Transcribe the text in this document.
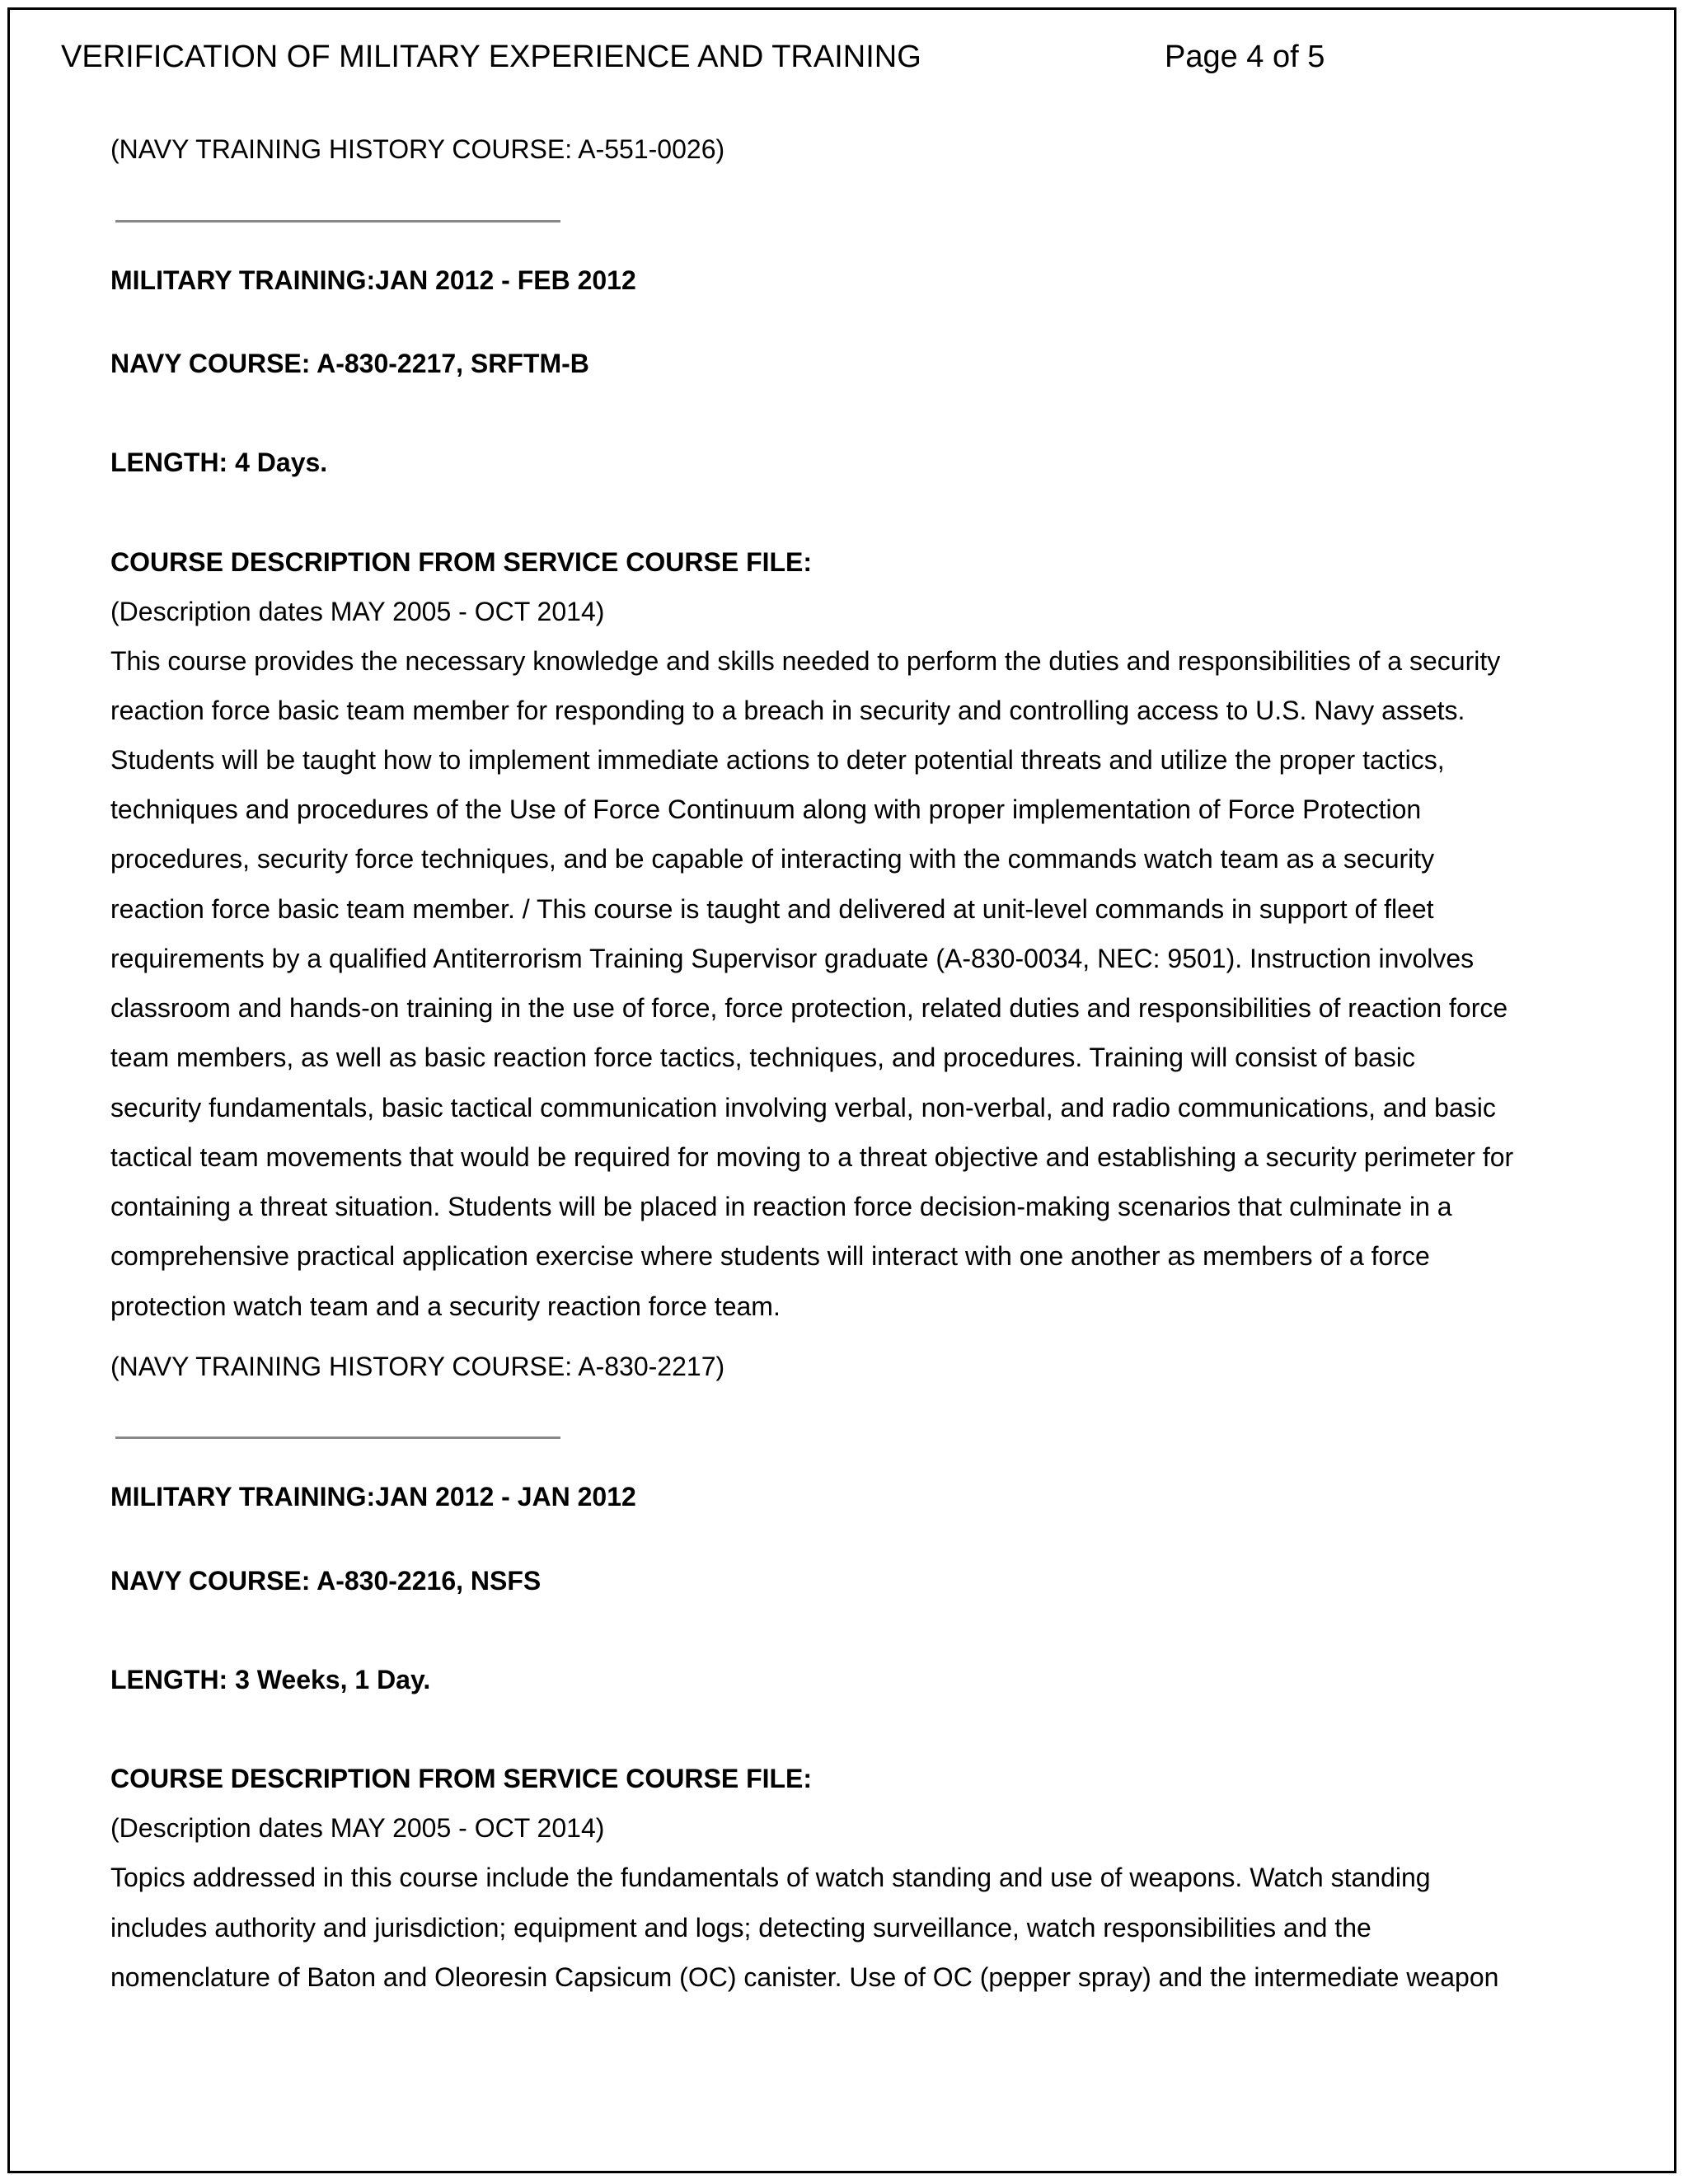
VERIFICATION OF MILITARY EXPERIENCE AND TRAINING	Page 4 of 5
(NAVY TRAINING HISTORY COURSE: A-551-0026)
MILITARY TRAINING:JAN 2012 - FEB 2012
NAVY COURSE: A-830-2217, SRFTM-B
LENGTH: 4 Days.
COURSE DESCRIPTION FROM SERVICE COURSE FILE:
(Description dates MAY 2005 - OCT 2014)
This course provides the necessary knowledge and skills needed to perform the duties and responsibilities of a security
reaction force basic team member for responding to a breach in security and controlling access to U.S. Navy assets.
Students will be taught how to implement immediate actions to deter potential threats and utilize the proper tactics,
techniques and procedures of the Use of Force Continuum along with proper implementation of Force Protection
procedures, security force techniques, and be capable of interacting with the commands watch team as a security
reaction force basic team member. / This course is taught and delivered at unit-level commands in support of fleet
requirements by a qualified Antiterrorism Training Supervisor graduate (A-830-0034, NEC: 9501). Instruction involves
classroom and hands-on training in the use of force, force protection, related duties and responsibilities of reaction force
team members, as well as basic reaction force tactics, techniques, and procedures. Training will consist of basic
security fundamentals, basic tactical communication involving verbal, non-verbal, and radio communications, and basic
tactical team movements that would be required for moving to a threat objective and establishing a security perimeter for
containing a threat situation. Students will be placed in reaction force decision-making scenarios that culminate in a
comprehensive practical application exercise where students will interact with one another as members of a force
protection watch team and a security reaction force team.
(NAVY TRAINING HISTORY COURSE: A-830-2217)
MILITARY TRAINING:JAN 2012 - JAN 2012
NAVY COURSE: A-830-2216, NSFS
LENGTH: 3 Weeks, 1 Day.
COURSE DESCRIPTION FROM SERVICE COURSE FILE:
(Description dates MAY 2005 - OCT 2014)
Topics addressed in this course include the fundamentals of watch standing and use of weapons. Watch standing
includes authority and jurisdiction; equipment and logs; detecting surveillance, watch responsibilities and the
nomenclature of Baton and Oleoresin Capsicum (OC) canister. Use of OC (pepper spray) and the intermediate weapon
